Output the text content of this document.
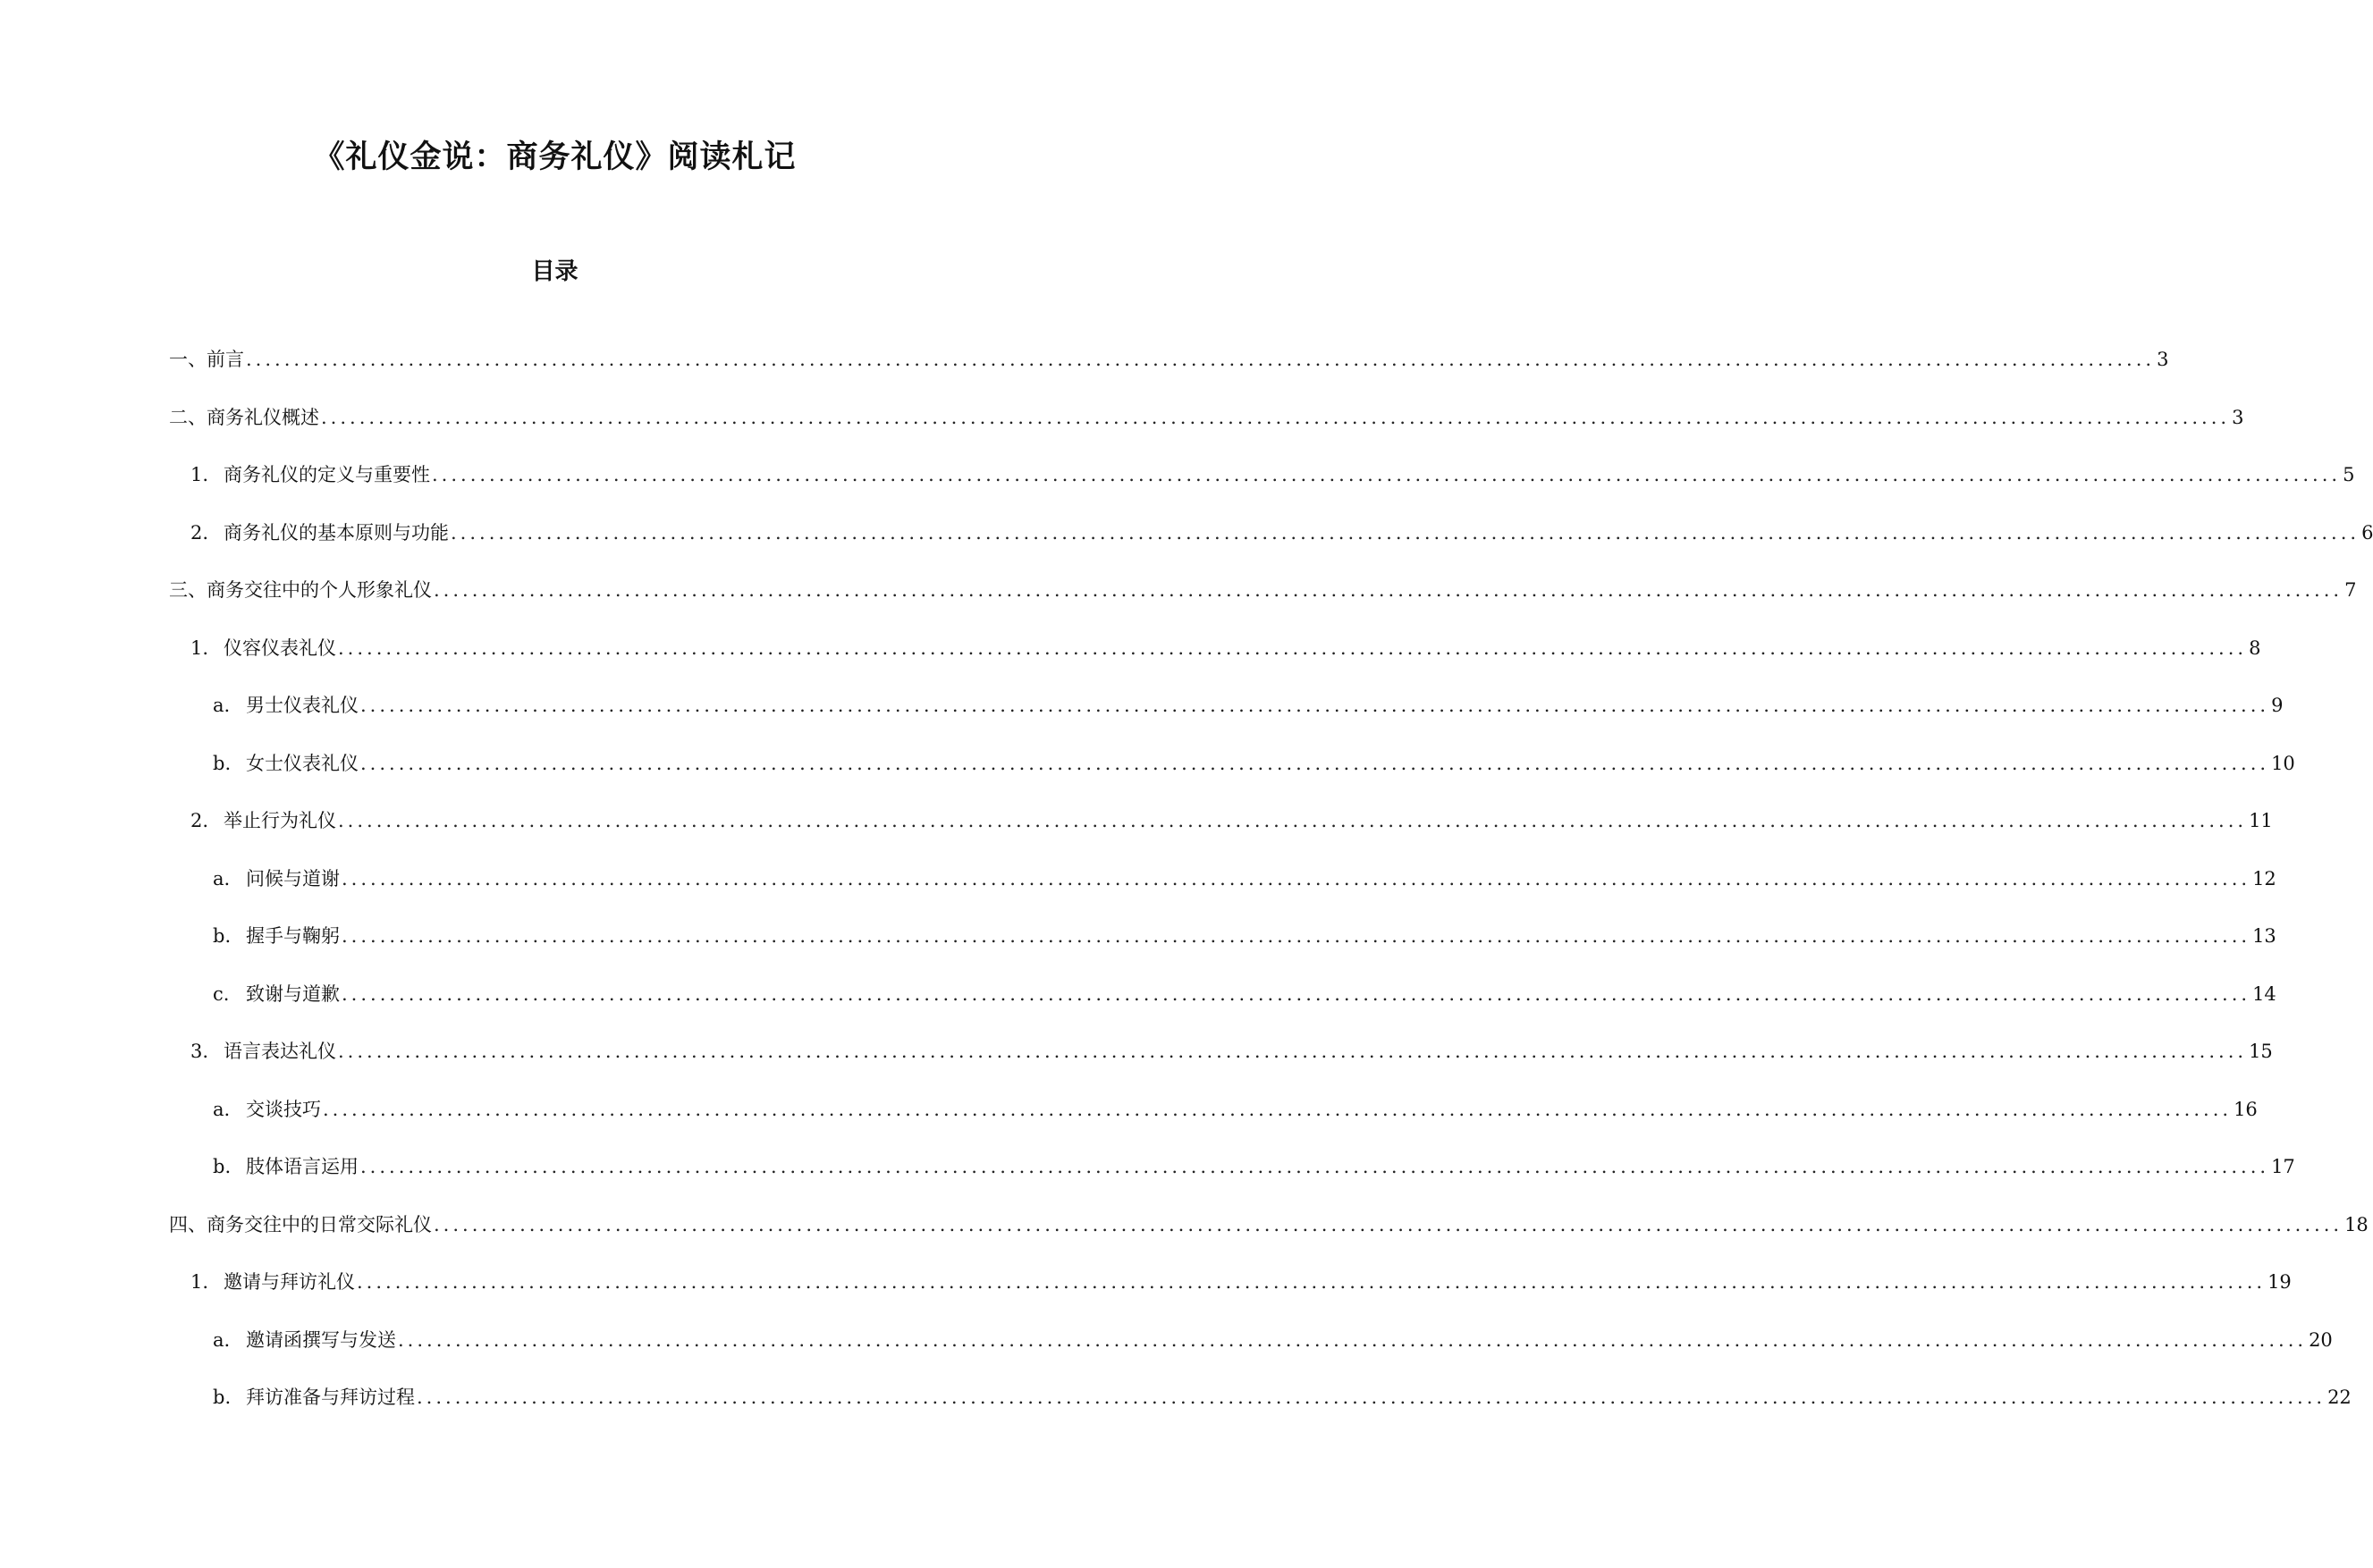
《礼仪金说：商务礼仪》阅读札记
目录
一、前言 ........................................................................................................................................................................................................ 3
二、商务礼仪概述 ........................................................................................................................................................................................................ 3
1. 商务礼仪的定义与重要性 ........................................................................................................................................................................................................ 5
2. 商务礼仪的基本原则与功能 ........................................................................................................................................................................................................ 6
三、商务交往中的个人形象礼仪 ........................................................................................................................................................................................................ 7
1. 仪容仪表礼仪 ........................................................................................................................................................................................................ 8
a. 男士仪表礼仪 ........................................................................................................................................................................................................ 9
b. 女士仪表礼仪 ........................................................................................................................................................................................................ 10
2. 举止行为礼仪 ........................................................................................................................................................................................................ 11
a. 问候与道谢 ........................................................................................................................................................................................................ 12
b. 握手与鞠躬 ........................................................................................................................................................................................................ 13
c. 致谢与道歉 ........................................................................................................................................................................................................ 14
3. 语言表达礼仪 ........................................................................................................................................................................................................ 15
a. 交谈技巧 ........................................................................................................................................................................................................ 16
b. 肢体语言运用 ........................................................................................................................................................................................................ 17
四、商务交往中的日常交际礼仪 ........................................................................................................................................................................................................ 18
1. 邀请与拜访礼仪 ........................................................................................................................................................................................................ 19
a. 邀请函撰写与发送 ........................................................................................................................................................................................................ 20
b. 拜访准备与拜访过程 ........................................................................................................................................................................................................ 22
